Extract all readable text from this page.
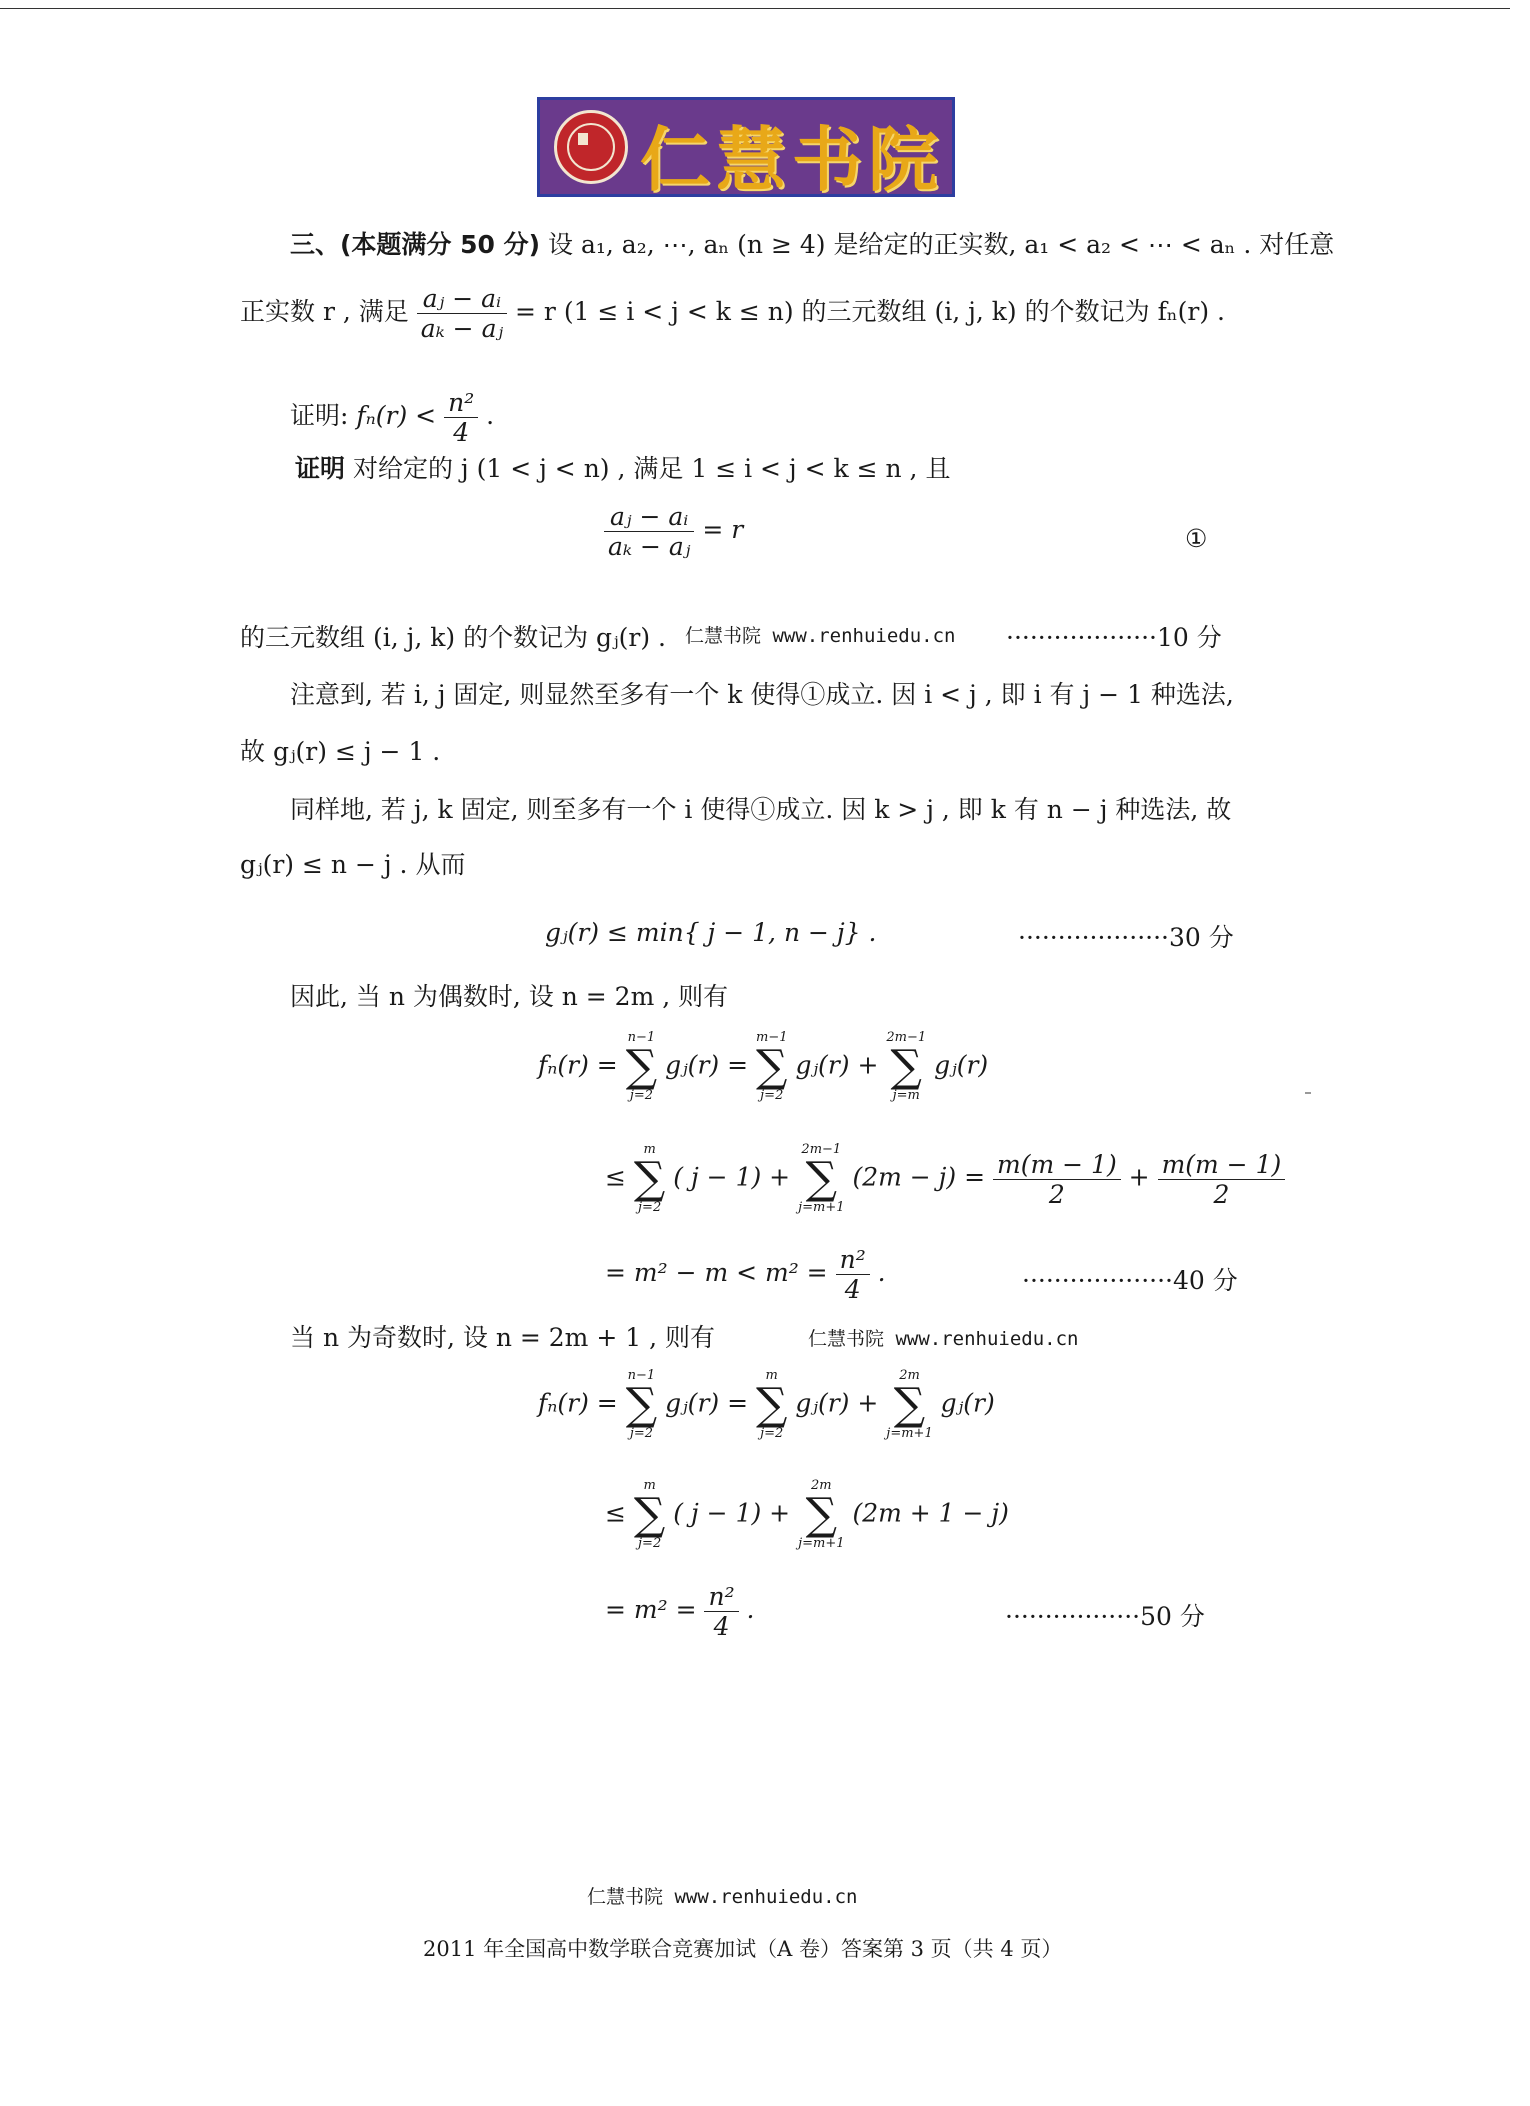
仁慧书院
三、(本题满分 50 分) 设 a₁, a₂, ⋯, aₙ (n ≥ 4) 是给定的正实数, a₁ < a₂ < ⋯ < aₙ . 对任意
正实数 r , 满足 $\frac{\text{aⱼ − aᵢ}}{\text{aₖ − aⱼ}} = r$ (1 ≤ i < j < k ≤ n) 的三元数组 (i, j, k) 的个数记为 fₙ(r) .
证明: $f_n(r) < \frac{\text{n²}}{4}$ .
证明 对给定的 j (1 < j < n) , 满足 1 ≤ i < j < k ≤ n , 且
$\frac{\text{aⱼ − aᵢ}}{\text{aₖ − aⱼ}} = r$	①
的三元数组 (i, j, k) 的个数记为 gⱼ(r) . 仁慧书院 www.renhuiedu.cn ···················10 分
注意到, 若 i, j 固定, 则显然至多有一个 k 使得①成立. 因 i < j , 即 i 有 j − 1 种选法,
故 gⱼ(r) ≤ j − 1 .
同样地, 若 j, k 固定, 则至多有一个 i 使得①成立. 因 k > j , 即 k 有 n − j 种选法, 故
gⱼ(r) ≤ n − j . 从而
gⱼ(r) ≤ min{ j − 1, n − j} .	···················30 分
因此, 当 n 为偶数时, 设 n = 2m , 则有
fₙ(r) = n−1
∑
j=2 gⱼ(r) = m−1
∑
j=2 gⱼ(r) + 2m−1
∑
j=m gⱼ(r)
≤ m
∑
j=2 ( j − 1) + 2m−1
∑
j=m+1 $(2m - j) = \frac{m(m - 1)}{2} + \frac{m(m - 1)}{2}$
= $m^2 - m < m^2 = \frac{\text{n²}}{4}$ .	···················40 分
当 n 为奇数时, 设 n = 2m + 1 , 则有	仁慧书院 www.renhuiedu.cn
fₙ(r) = n−1
∑
j=2 gⱼ(r) = m
∑
j=2 gⱼ(r) + 2m
∑
j=m+1 gⱼ(r)
≤ m
∑
j=2 ( j − 1) + 2m
∑
j=m+1 (2m + 1 − j)
= $m^2 = \frac{\text{n²}}{4}$ .	·················50 分
仁慧书院 www.renhuiedu.cn
2011 年全国高中数学联合竞赛加试（A 卷）答案第 3 页（共 4 页）
